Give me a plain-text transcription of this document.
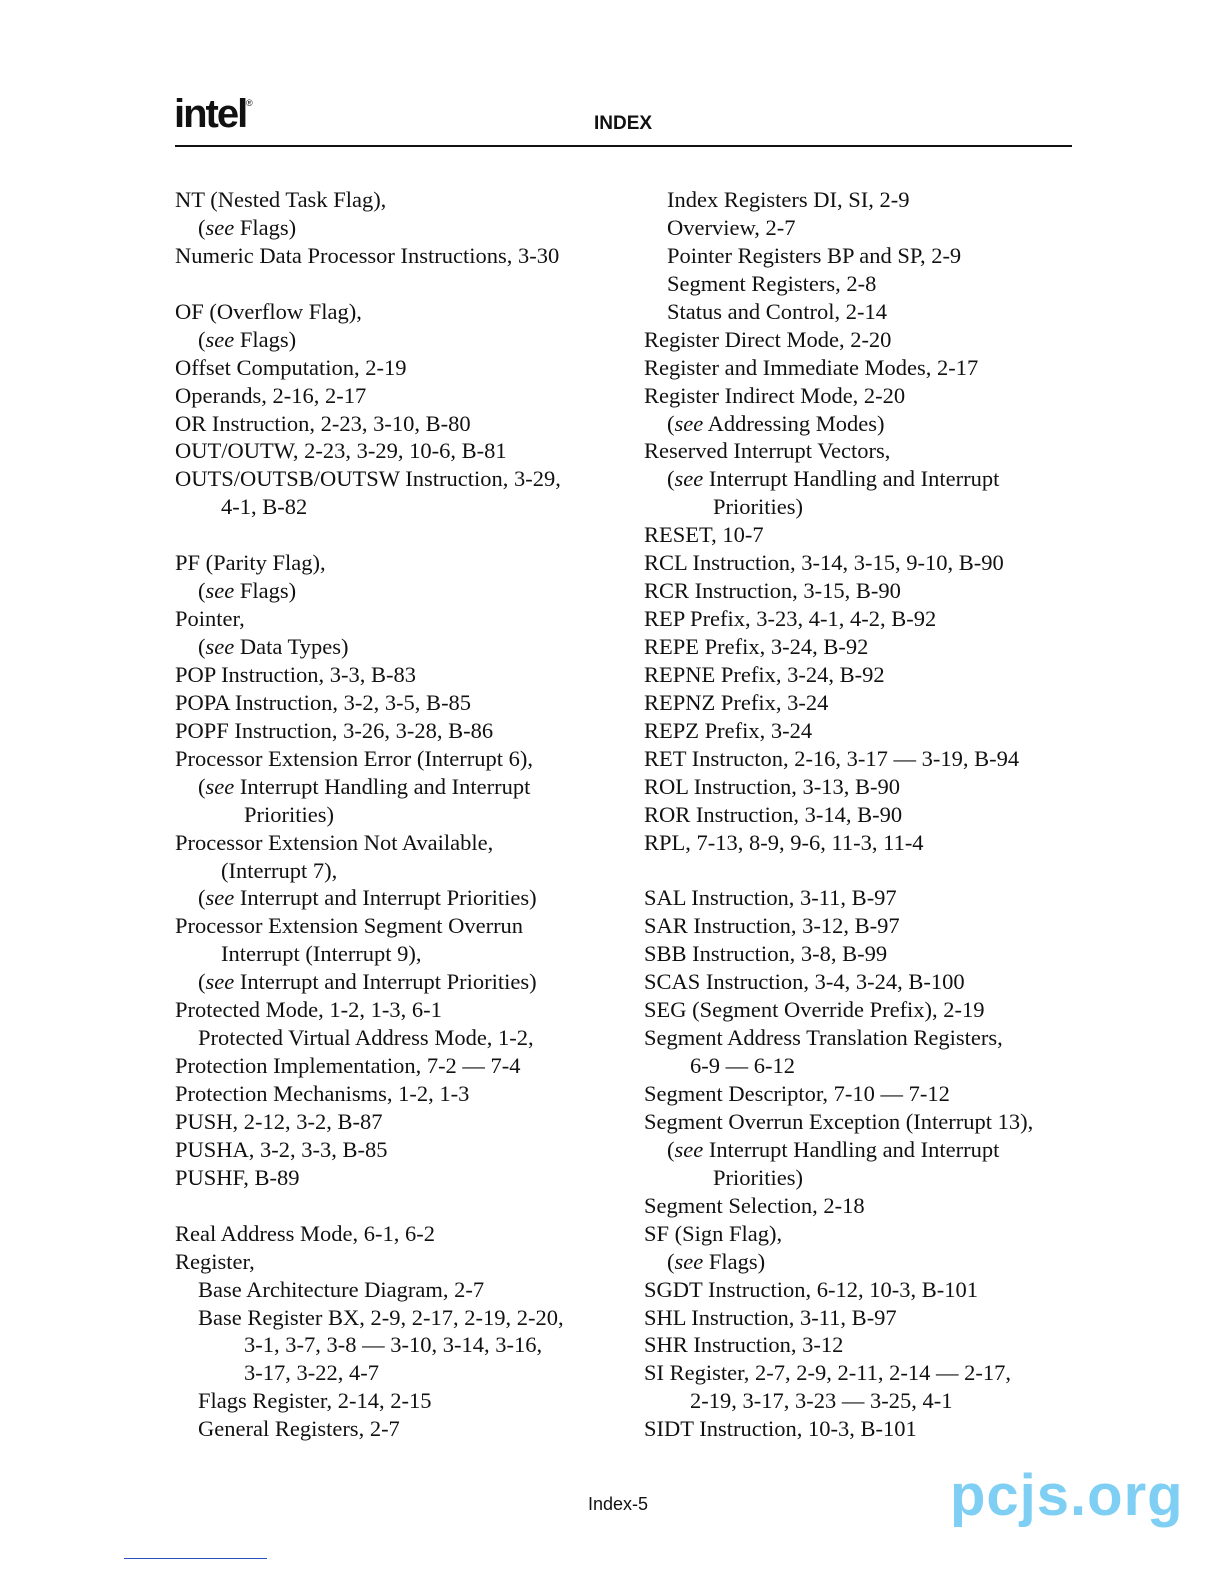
intel ®
INDEX
NT (Nested Task Flag),
(see Flags)
Numeric Data Processor Instructions, 3-30
OF (Overflow Flag),
(see Flags)
Offset Computation, 2-19
Operands, 2-16, 2-17
OR Instruction, 2-23, 3-10, B-80
OUT/OUTW, 2-23, 3-29, 10-6, B-81
OUTS/OUTSB/OUTSW Instruction, 3-29,
4-1, B-82
PF (Parity Flag),
(see Flags)
Pointer,
(see Data Types)
POP Instruction, 3-3, B-83
POPA Instruction, 3-2, 3-5, B-85
POPF Instruction, 3-26, 3-28, B-86
Processor Extension Error (Interrupt 6),
(see Interrupt Handling and Interrupt
Priorities)
Processor Extension Not Available,
(Interrupt 7),
(see Interrupt and Interrupt Priorities)
Processor Extension Segment Overrun
Interrupt (Interrupt 9),
(see Interrupt and Interrupt Priorities)
Protected Mode, 1-2, 1-3, 6-1
Protected Virtual Address Mode, 1-2,
Protection Implementation, 7-2 — 7-4
Protection Mechanisms, 1-2, 1-3
PUSH, 2-12, 3-2, B-87
PUSHA, 3-2, 3-3, B-85
PUSHF, B-89
Real Address Mode, 6-1, 6-2
Register,
Base Architecture Diagram, 2-7
Base Register BX, 2-9, 2-17, 2-19, 2-20,
3-1, 3-7, 3-8 — 3-10, 3-14, 3-16,
3-17, 3-22, 4-7
Flags Register, 2-14, 2-15
General Registers, 2-7
Index Registers DI, SI, 2-9
Overview, 2-7
Pointer Registers BP and SP, 2-9
Segment Registers, 2-8
Status and Control, 2-14
Register Direct Mode, 2-20
Register and Immediate Modes, 2-17
Register Indirect Mode, 2-20
(see Addressing Modes)
Reserved Interrupt Vectors,
(see Interrupt Handling and Interrupt
Priorities)
RESET, 10-7
RCL Instruction, 3-14, 3-15, 9-10, B-90
RCR Instruction, 3-15, B-90
REP Prefix, 3-23, 4-1, 4-2, B-92
REPE Prefix, 3-24, B-92
REPNE Prefix, 3-24, B-92
REPNZ Prefix, 3-24
REPZ Prefix, 3-24
RET Instructon, 2-16, 3-17 — 3-19, B-94
ROL Instruction, 3-13, B-90
ROR Instruction, 3-14, B-90
RPL, 7-13, 8-9, 9-6, 11-3, 11-4
SAL Instruction, 3-11, B-97
SAR Instruction, 3-12, B-97
SBB Instruction, 3-8, B-99
SCAS Instruction, 3-4, 3-24, B-100
SEG (Segment Override Prefix), 2-19
Segment Address Translation Registers,
6-9 — 6-12
Segment Descriptor, 7-10 — 7-12
Segment Overrun Exception (Interrupt 13),
(see Interrupt Handling and Interrupt
Priorities)
Segment Selection, 2-18
SF (Sign Flag),
(see Flags)
SGDT Instruction, 6-12, 10-3, B-101
SHL Instruction, 3-11, B-97
SHR Instruction, 3-12
SI Register, 2-7, 2-9, 2-11, 2-14 — 2-17,
2-19, 3-17, 3-23 — 3-25, 4-1
SIDT Instruction, 10-3, B-101
Index-5	pcjs.org
